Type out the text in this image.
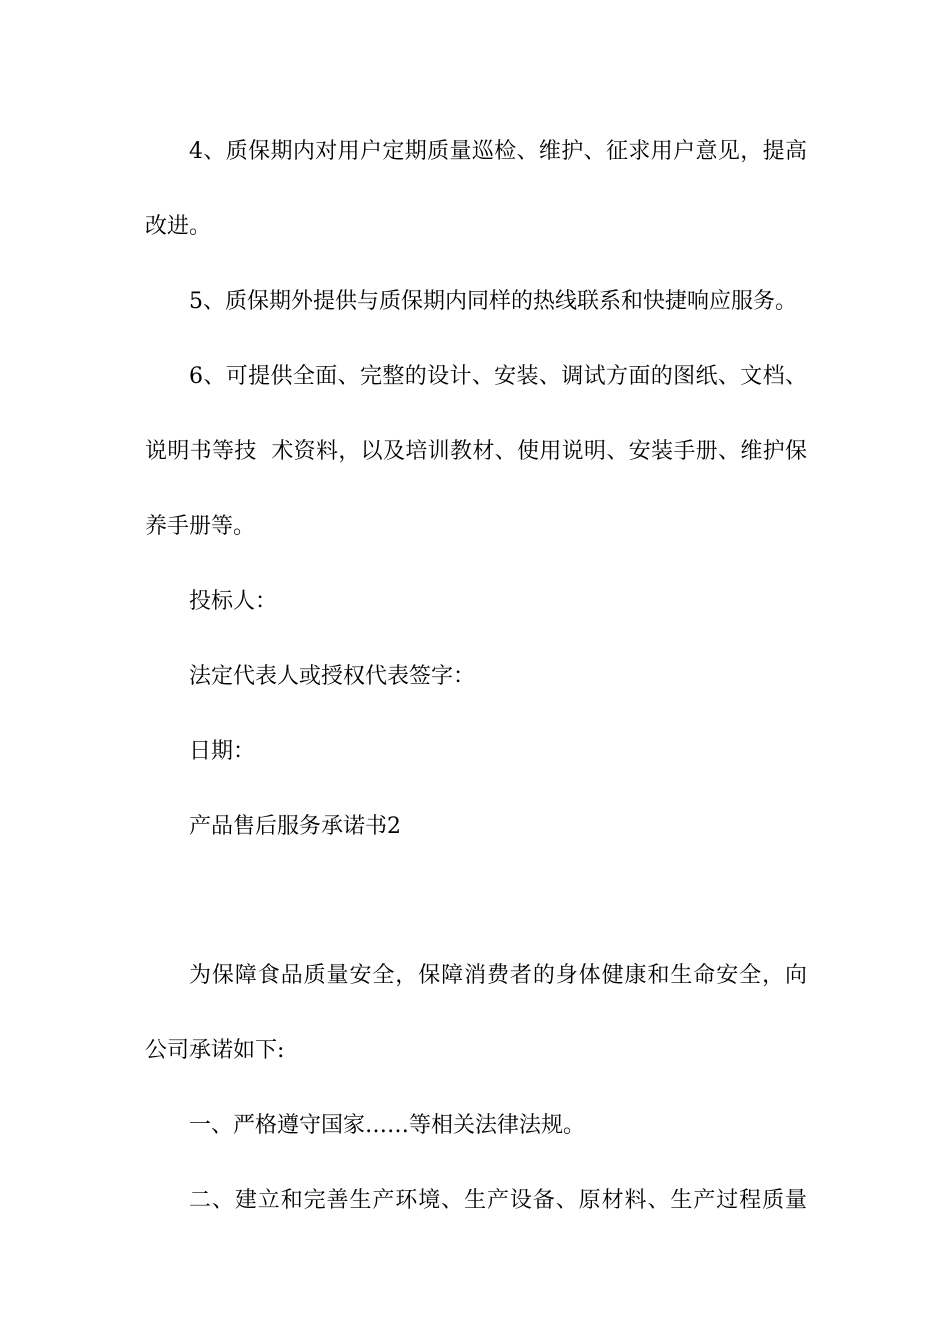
4、质保期内对用户定期质量巡检、维护、征求用户意见，提高

改进。

5、质保期外提供与质保期内同样的热线联系和快捷响应服务。

6、可提供全面、完整的设计、安装、调试方面的图纸、文档、

说明书等技  术资料，以及培训教材、使用说明、安装手册、维护保

养手册等。

投标人：

法定代表人或授权代表签字：

日期：

产品售后服务承诺书2

为保障食品质量安全，保障消费者的身体健康和生命安全，向

公司承诺如下:

一、严格遵守国家……等相关法律法规。

二、建立和完善生产环境、生产设备、原材料、生产过程质量
